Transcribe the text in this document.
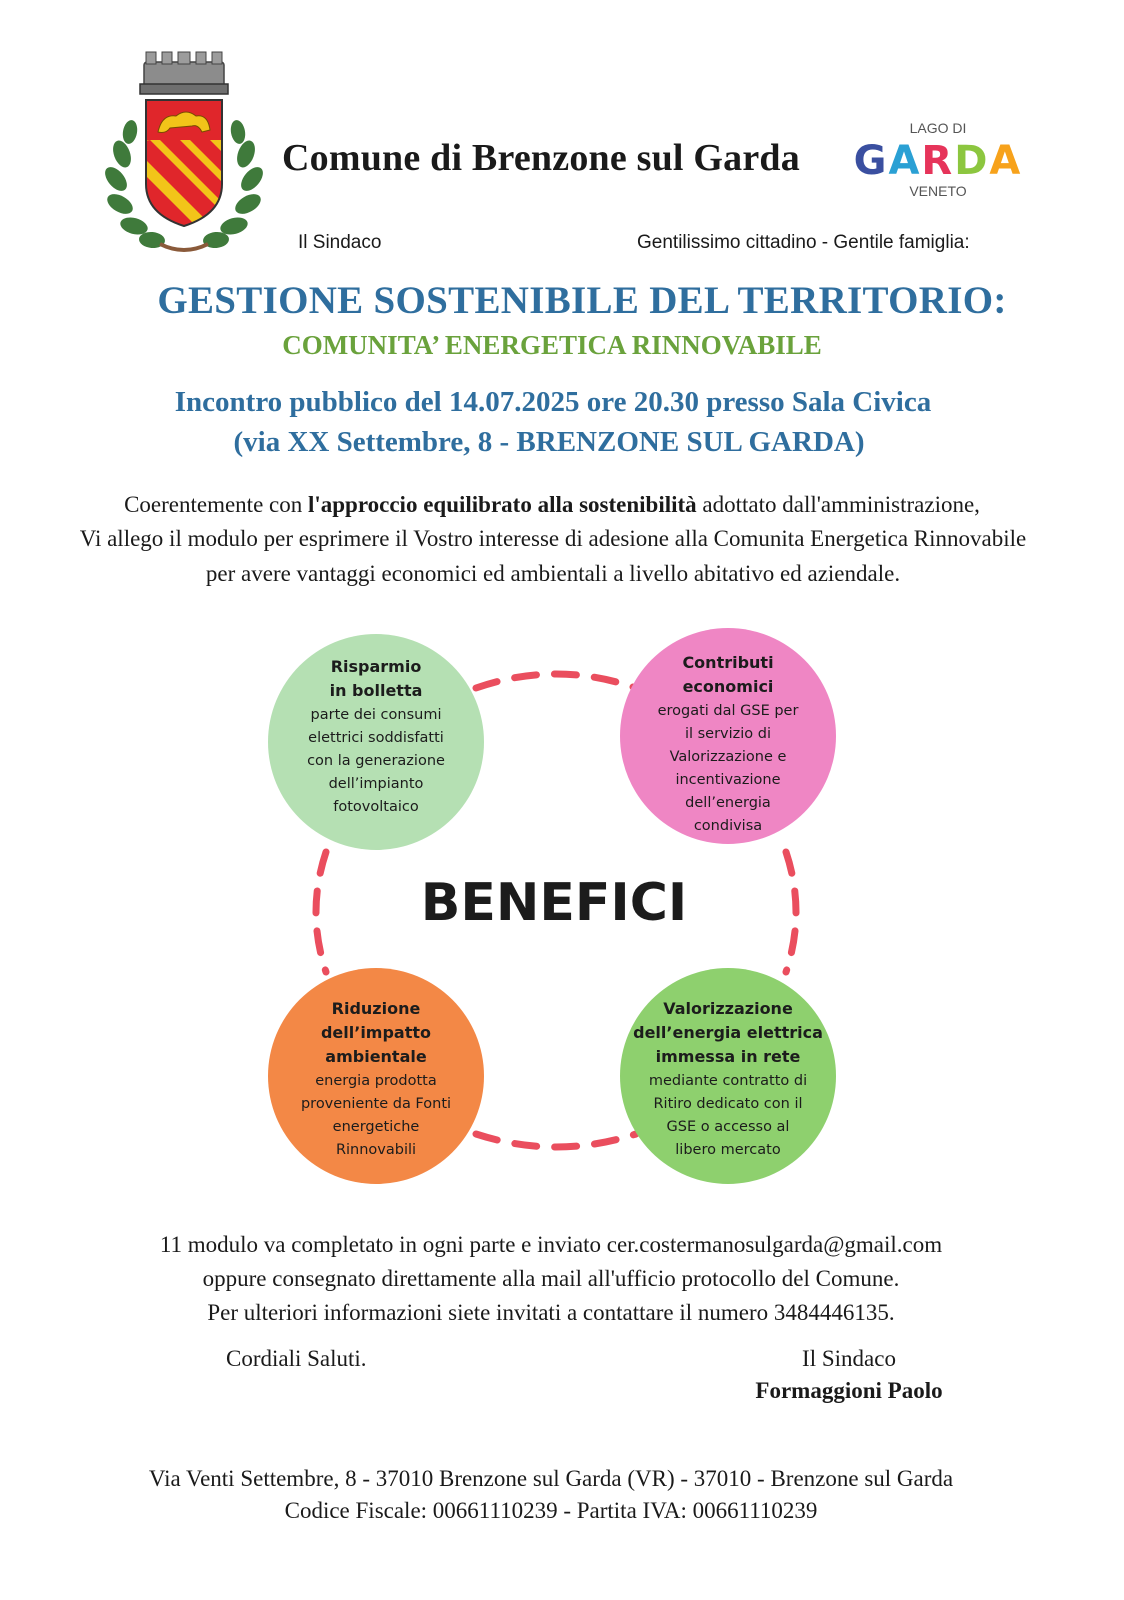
Comune di Brenzone sul Garda
LAGO DI
GARDA
VENETO
Il Sindaco	Gentilissimo cittadino - Gentile famiglia:
GESTIONE SOSTENIBILE DEL TERRITORIO:
COMUNITA’ ENERGETICA RINNOVABILE
Incontro pubblico del 14.07.2025 ore 20.30 presso Sala Civica
(via XX Settembre, 8 - BRENZONE SUL GARDA)
Coerentemente con l'approccio equilibrato alla sostenibilità adottato dall'amministrazione,
Vi allego il modulo per esprimere il Vostro interesse di adesione alla Comunita Energetica Rinnovabile
per avere vantaggi economici ed ambientali a livello abitativo ed aziendale.
Risparmio
in bolletta
parte dei consumi
elettrici soddisfatti
con la generazione
dell’impianto
fotovoltaico
Contributi
economici
erogati dal GSE per
il servizio di
Valorizzazione e
incentivazione
dell’energia
condivisa
Riduzione
dell’impatto
ambientale
energia prodotta
proveniente da Fonti
energetiche
Rinnovabili
Valorizzazione
dell’energia elettrica
immessa in rete
mediante contratto di
Ritiro dedicato con il
GSE o accesso al
libero mercato
BENEFICI
11 modulo va completato in ogni parte e inviato cer.costermanosulgarda@gmail.com
oppure consegnato direttamente alla mail all'ufficio protocollo del Comune.
Per ulteriori informazioni siete invitati a contattare il numero 3484446135.
Cordiali Saluti.	Il Sindaco
Formaggioni Paolo
Via Venti Settembre, 8 - 37010 Brenzone sul Garda (VR) - 37010 - Brenzone sul Garda
Codice Fiscale: 00661110239 - Partita IVA: 00661110239
